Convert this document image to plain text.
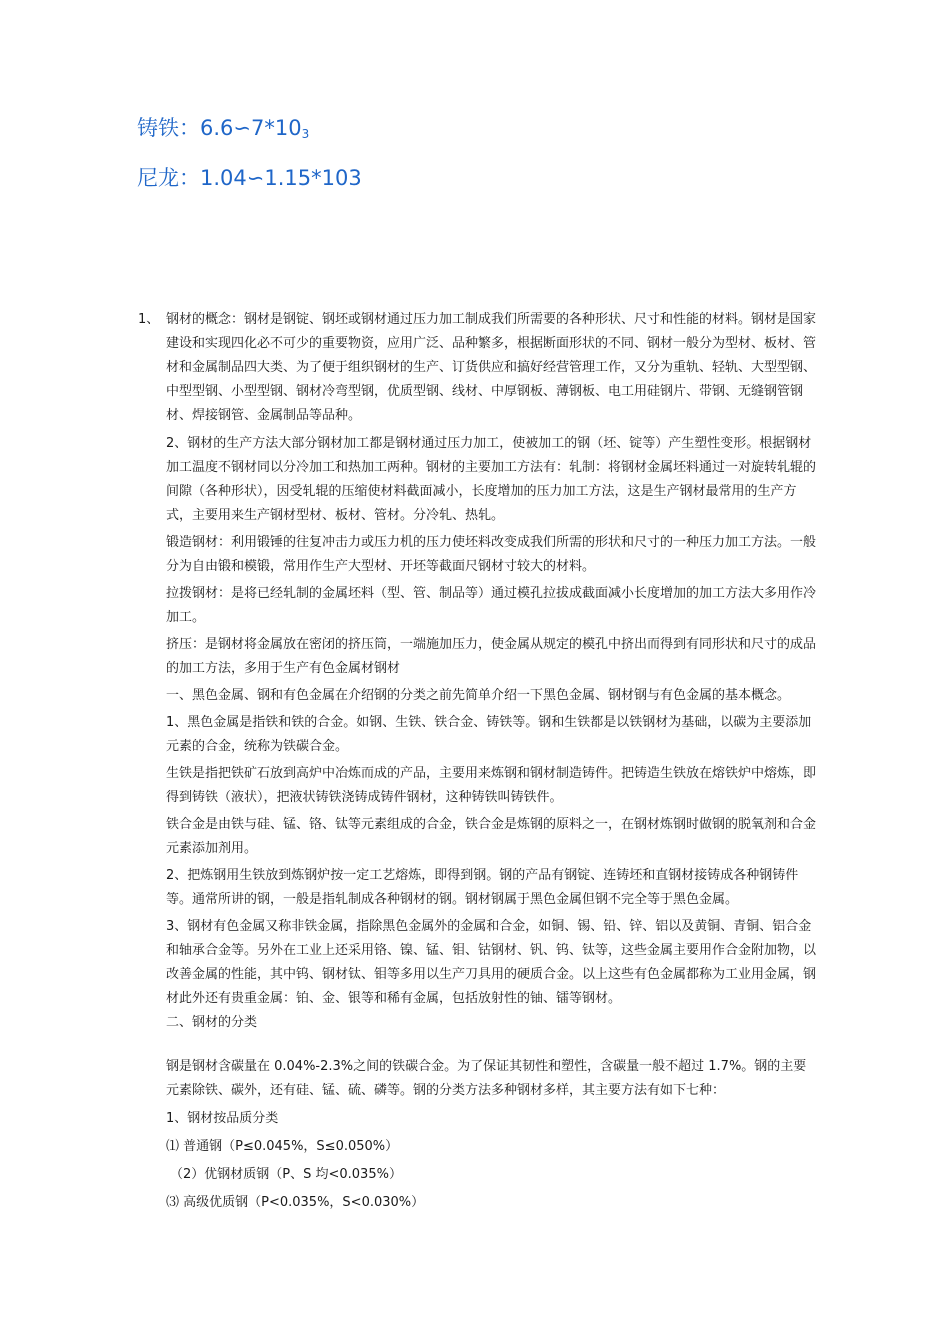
铸铁：$6.6∽7*10_3$
尼龙：1.04∽1.15*103
1、 钢材的概念：钢材是钢锭、钢坯或钢材通过压力加工制成我们所需要的各种形状、尺寸和性能的材料。钢材是国家建设和实现四化必不可少的重要物资，应用广泛、品种繁多，根据断面形状的不同、钢材一般分为型材、板材、管材和金属制品四大类、为了便于组织钢材的生产、订货供应和搞好经营管理工作，又分为重轨、轻轨、大型型钢、中型型钢、小型型钢、钢材冷弯型钢，优质型钢、线材、中厚钢板、薄钢板、电工用硅钢片、带钢、无缝钢管钢材、焊接钢管、金属制品等品种。
2、钢材的生产方法大部分钢材加工都是钢材通过压力加工，使被加工的钢（坯、锭等）产生塑性变形。根据钢材加工温度不钢材同以分冷加工和热加工两种。钢材的主要加工方法有：轧制：将钢材金属坯料通过一对旋转轧辊的间隙（各种形状），因受轧辊的压缩使材料截面减小，长度增加的压力加工方法，这是生产钢材最常用的生产方式，主要用来生产钢材型材、板材、管材。分冷轧、热轧。
锻造钢材：利用锻锤的往复冲击力或压力机的压力使坯料改变成我们所需的形状和尺寸的一种压力加工方法。一般分为自由锻和模锻，常用作生产大型材、开坯等截面尺钢材寸较大的材料。
拉拨钢材：是将已经轧制的金属坯料（型、管、制品等）通过模孔拉拔成截面减小长度增加的加工方法大多用作冷加工。
挤压：是钢材将金属放在密闭的挤压筒，一端施加压力，使金属从规定的模孔中挤出而得到有同形状和尺寸的成品的加工方法，多用于生产有色金属材钢材
一、黑色金属、钢和有色金属在介绍钢的分类之前先简单介绍一下黑色金属、钢材钢与有色金属的基本概念。
1、黑色金属是指铁和铁的合金。如钢、生铁、铁合金、铸铁等。钢和生铁都是以铁钢材为基础，以碳为主要添加元素的合金，统称为铁碳合金。
生铁是指把铁矿石放到高炉中冶炼而成的产品，主要用来炼钢和钢材制造铸件。把铸造生铁放在熔铁炉中熔炼，即得到铸铁（液状），把液状铸铁浇铸成铸件钢材，这种铸铁叫铸铁件。
铁合金是由铁与硅、锰、铬、钛等元素组成的合金，铁合金是炼钢的原料之一，在钢材炼钢时做钢的脱氧剂和合金元素添加剂用。
2、把炼钢用生铁放到炼钢炉按一定工艺熔炼，即得到钢。钢的产品有钢锭、连铸坯和直钢材接铸成各种钢铸件等。通常所讲的钢，一般是指轧制成各种钢材的钢。钢材钢属于黑色金属但钢不完全等于黑色金属。
3、钢材有色金属又称非铁金属，指除黑色金属外的金属和合金，如铜、锡、铅、锌、铝以及黄铜、青铜、铝合金和轴承合金等。另外在工业上还采用铬、镍、锰、钼、钴钢材、钒、钨、钛等，这些金属主要用作合金附加物，以改善金属的性能，其中钨、钢材钛、钼等多用以生产刀具用的硬质合金。以上这些有色金属都称为工业用金属，钢材此外还有贵重金属：铂、金、银等和稀有金属，包括放射性的铀、镭等钢材。
二、钢材的分类
钢是钢材含碳量在 0.04%-2.3%之间的铁碳合金。为了保证其韧性和塑性，含碳量一般不超过 1.7%。钢的主要元素除铁、碳外，还有硅、锰、硫、磷等。钢的分类方法多种钢材多样，其主要方法有如下七种：
1、钢材按品质分类
⑴ 普通钢（P≤0.045%，S≤0.050%）
（2）优钢材质钢（P、S 均<0.035%）
⑶ 高级优质钢（P<0.035%，S<0.030%）
